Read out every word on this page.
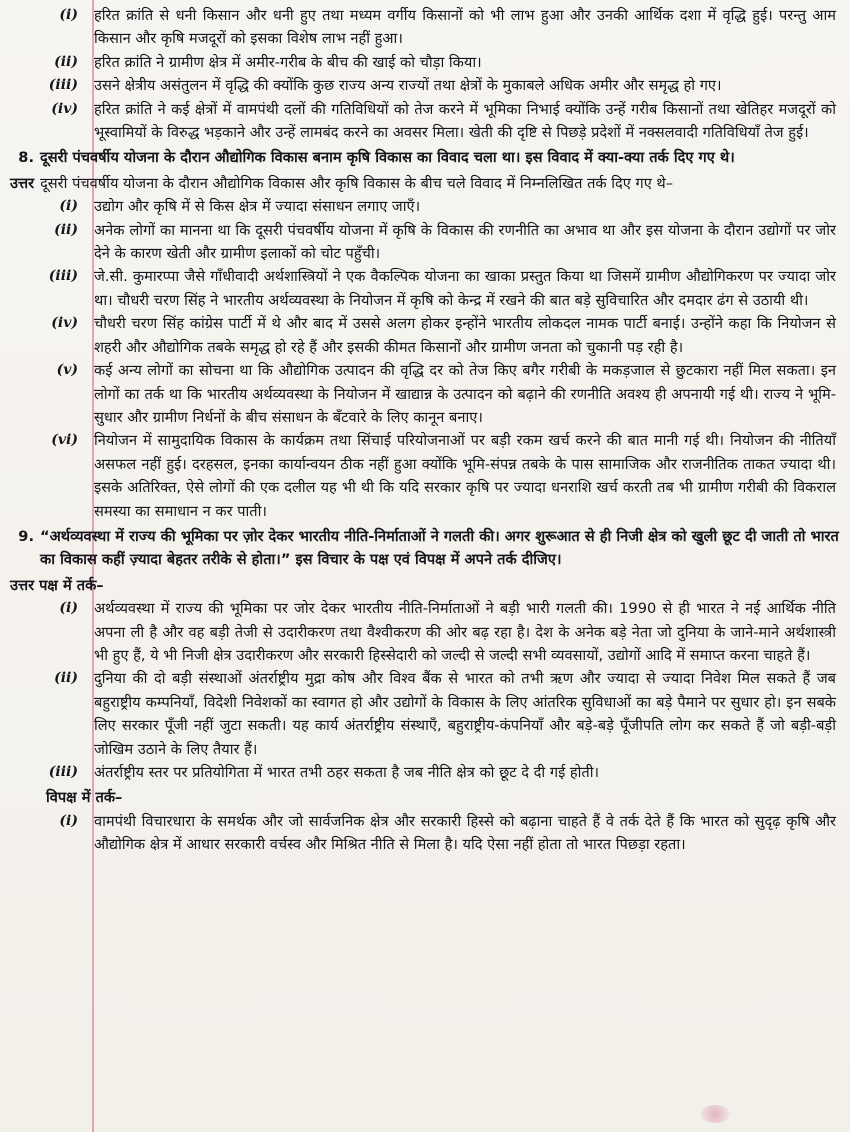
(i)	हरित क्रांति से धनी किसान और धनी हुए तथा मध्यम वर्गीय किसानों को भी लाभ हुआ और उनकी आर्थिक दशा में वृद्धि हुई। परन्तु आम किसान और कृषि मजदूरों को इसका विशेष लाभ नहीं हुआ।
(ii)	हरित क्रांति ने ग्रामीण क्षेत्र में अमीर-गरीब के बीच की खाई को चौड़ा किया।
(iii)	उसने क्षेत्रीय असंतुलन में वृद्धि की क्योंकि कुछ राज्य अन्य राज्यों तथा क्षेत्रों के मुकाबले अधिक अमीर और समृद्ध हो गए।
(iv)	हरित क्रांति ने कई क्षेत्रों में वामपंथी दलों की गतिविधियों को तेज करने में भूमिका निभाई क्योंकि उन्हें गरीब किसानों तथा खेतिहर मजदूरों को भूस्वामियों के विरुद्ध भड़काने और उन्हें लामबंद करने का अवसर मिला। खेती की दृष्टि से पिछड़े प्रदेशों में नक्सलवादी गतिविधियाँ तेज हुई।
8. दूसरी पंचवर्षीय योजना के दौरान औद्योगिक विकास बनाम कृषि विकास का विवाद चला था। इस विवाद में क्या-क्या तर्क दिए गए थे।
उत्तर दूसरी पंचवर्षीय योजना के दौरान औद्योगिक विकास और कृषि विकास के बीच चले विवाद में निम्नलिखित तर्क दिए गए थे–
(i)	उद्योग और कृषि में से किस क्षेत्र में ज्यादा संसाधन लगाए जाएँ।
(ii)	अनेक लोगों का मानना था कि दूसरी पंचवर्षीय योजना में कृषि के विकास की रणनीति का अभाव था और इस योजना के दौरान उद्योगों पर जोर देने के कारण खेती और ग्रामीण इलाकों को चोट पहुँची।
(iii)	जे.सी. कुमारप्पा जैसे गाँधीवादी अर्थशास्त्रियों ने एक वैकल्पिक योजना का खाका प्रस्तुत किया था जिसमें ग्रामीण औद्योगिकरण पर ज्यादा जोर था। चौधरी चरण सिंह ने भारतीय अर्थव्यवस्था के नियोजन में कृषि को केन्द्र में रखने की बात बड़े सुविचारित और दमदार ढंग से उठायी थी।
(iv)	चौधरी चरण सिंह कांग्रेस पार्टी में थे और बाद में उससे अलग होकर इन्होंने भारतीय लोकदल नामक पार्टी बनाई। उन्होंने कहा कि नियोजन से शहरी और औद्योगिक तबके समृद्ध हो रहे हैं और इसकी कीमत किसानों और ग्रामीण जनता को चुकानी पड़ रही है।
(v)	कई अन्य लोगों का सोचना था कि औद्योगिक उत्पादन की वृद्धि दर को तेज किए बगैर गरीबी के मकड़जाल से छुटकारा नहीं मिल सकता। इन लोगों का तर्क था कि भारतीय अर्थव्यवस्था के नियोजन में खाद्यान्न के उत्पादन को बढ़ाने की रणनीति अवश्य ही अपनायी गई थी। राज्य ने भूमि-सुधार और ग्रामीण निर्धनों के बीच संसाधन के बँटवारे के लिए कानून बनाए।
(vi)	नियोजन में सामुदायिक विकास के कार्यक्रम तथा सिंचाई परियोजनाओं पर बड़ी रकम खर्च करने की बात मानी गई थी। नियोजन की नीतियाँ असफल नहीं हुई। दरहसल, इनका कार्यान्वयन ठीक नहीं हुआ क्योंकि भूमि-संपन्न तबके के पास सामाजिक और राजनीतिक ताकत ज्यादा थी। इसके अतिरिक्त, ऐसे लोगों की एक दलील यह भी थी कि यदि सरकार कृषि पर ज्यादा धनराशि खर्च करती तब भी ग्रामीण गरीबी की विकराल समस्या का समाधान न कर पाती।
9. “अर्थव्यवस्था में राज्य की भूमिका पर ज़ोर देकर भारतीय नीति-निर्माताओं ने गलती की। अगर शुरूआत से ही निजी क्षेत्र को खुली छूट दी जाती तो भारत का विकास कहीं ज़्यादा बेहतर तरीके से होता।” इस विचार के पक्ष एवं विपक्ष में अपने तर्क दीजिए।
उत्तर पक्ष में तर्क–
(i)	अर्थव्यवस्था में राज्य की भूमिका पर जोर देकर भारतीय नीति-निर्माताओं ने बड़ी भारी गलती की। 1990 से ही भारत ने नई आर्थिक नीति अपना ली है और वह बड़ी तेजी से उदारीकरण तथा वैश्वीकरण की ओर बढ़ रहा है। देश के अनेक बड़े नेता जो दुनिया के जाने-माने अर्थशास्त्री भी हुए हैं, ये भी निजी क्षेत्र उदारीकरण और सरकारी हिस्सेदारी को जल्दी से जल्दी सभी व्यवसायों, उद्योगों आदि में समाप्त करना चाहते हैं।
(ii)	दुनिया की दो बड़ी संस्थाओं अंतर्राष्ट्रीय मुद्रा कोष और विश्व बैंक से भारत को तभी ऋण और ज्यादा से ज्यादा निवेश मिल सकते हैं जब बहुराष्ट्रीय कम्पनियाँ, विदेशी निवेशकों का स्वागत हो और उद्योगों के विकास के लिए आंतरिक सुविधाओं का बड़े पैमाने पर सुधार हो। इन सबके लिए सरकार पूँजी नहीं जुटा सकती। यह कार्य अंतर्राष्ट्रीय संस्थाएँ, बहुराष्ट्रीय-कंपनियाँ और बड़े-बड़े पूँजीपति लोग कर सकते हैं जो बड़ी-बड़ी जोखिम उठाने के लिए तैयार हैं।
(iii)	अंतर्राष्ट्रीय स्तर पर प्रतियोगिता में भारत तभी ठहर सकता है जब नीति क्षेत्र को छूट दे दी गई होती।
विपक्ष में तर्क–
(i)	वामपंथी विचारधारा के समर्थक और जो सार्वजनिक क्षेत्र और सरकारी हिस्से को बढ़ाना चाहते हैं वे तर्क देते हैं कि भारत को सुदृढ़ कृषि और औद्योगिक क्षेत्र में आधार सरकारी वर्चस्व और मिश्रित नीति से मिला है। यदि ऐसा नहीं होता तो भारत पिछड़ा रहता।
